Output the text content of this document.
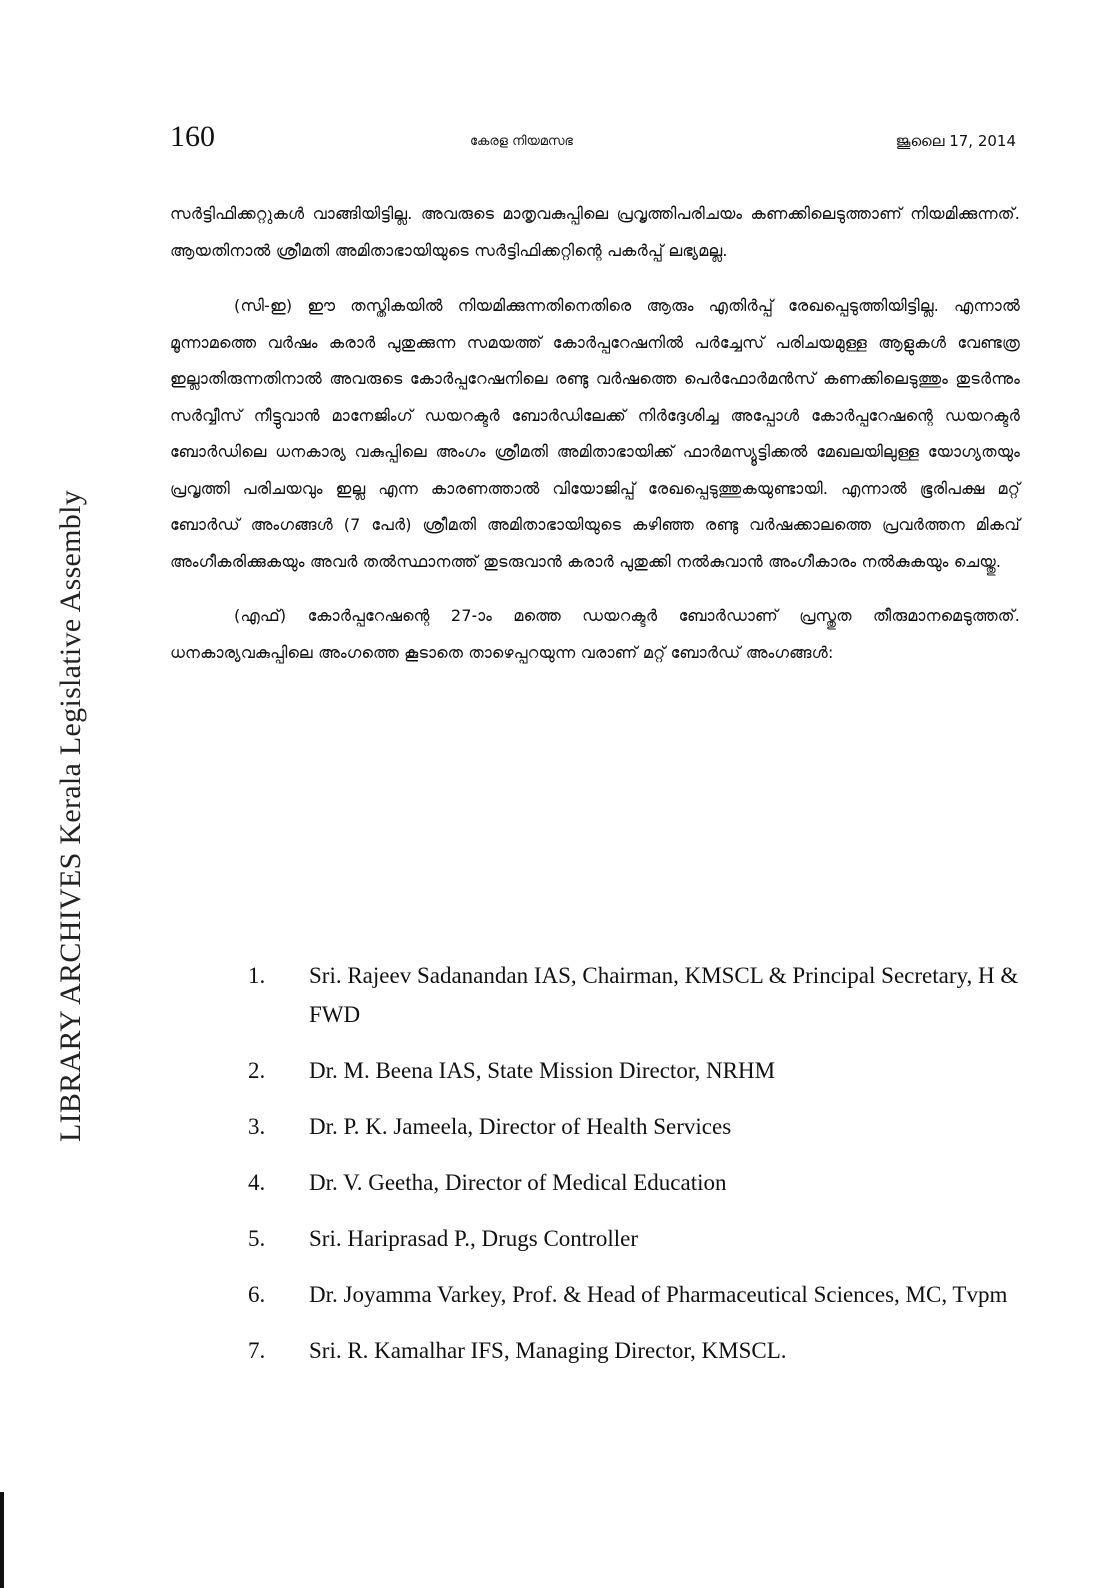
LIBRARY ARCHIVES Kerala Legislative Assembly
160	കേരള നിയമസഭ	ജൂലൈ 17, 2014

സർട്ടിഫിക്കറ്റുകൾ വാങ്ങിയിട്ടില്ല. അവരുടെ മാതൃവകുപ്പിലെ പ്രവൃത്തിപരിചയം കണക്കിലെടുത്താണ് നിയമിക്കുന്നത്. ആയതിനാൽ ശ്രീമതി അമിതാഭായിയുടെ സർട്ടിഫിക്കറ്റിന്റെ പകർപ്പ് ലഭ്യമല്ല.

(സി-ഇ) ഈ തസ്തികയിൽ നിയമിക്കുന്നതിനെതിരെ ആരും എതിർപ്പ് രേഖപ്പെടുത്തിയിട്ടില്ല. എന്നാൽ മൂന്നാമത്തെ വർഷം കരാർ പുതുക്കുന്ന സമയത്ത് കോർപ്പറേഷനിൽ പർച്ചേസ് പരിചയമുള്ള ആളുകൾ വേണ്ടത്ര ഇല്ലാതിരുന്നതിനാൽ അവരുടെ കോർപ്പറേഷനിലെ രണ്ടു വർഷത്തെ പെർഫോർമൻസ് കണക്കിലെടുത്തും തുടർന്നും സർവ്വീസ് നീട്ടുവാൻ മാനേജിംഗ് ഡയറക്ടർ ബോർഡിലേക്ക് നിർദ്ദേശിച്ച അപ്പോൾ കോർപ്പറേഷന്റെ ഡയറക്ടർ ബോർഡിലെ ധനകാര്യ വകുപ്പിലെ അംഗം ശ്രീമതി അമിതാഭായിക്ക് ഫാർമസ്യൂട്ടിക്കൽ മേഖലയിലുള്ള യോഗ്യതയും പ്രവൃത്തി പരിചയവും ഇല്ല എന്ന കാരണത്താൽ വിയോജിപ്പ് രേഖപ്പെടുത്തുകയുണ്ടായി. എന്നാൽ ഭൂരിപക്ഷ മറ്റ് ബോർഡ് അംഗങ്ങൾ (7 പേർ) ശ്രീമതി അമിതാഭായിയുടെ കഴിഞ്ഞ രണ്ടു വർഷക്കാലത്തെ പ്രവർത്തന മികവ് അംഗീകരിക്കുകയും അവർ തൽസ്ഥാനത്ത് തുടരുവാൻ കരാർ പുതുക്കി നൽകുവാൻ അംഗീകാരം നൽകുകയും ചെയ്തു.

(എഫ്) കോർപ്പറേഷന്റെ 27-ാം മത്തെ ഡയറക്ടർ ബോർഡാണ് പ്രസ്തുത തീരുമാനമെടുത്തത്. ധനകാര്യവകുപ്പിലെ അംഗത്തെ കൂടാതെ താഴെപ്പറയുന്ന വരാണ് മറ്റ് ബോർഡ് അംഗങ്ങൾ:

1.	Sri. Rajeev Sadanandan IAS, Chairman, KMSCL & Principal Secretary, H & FWD
2.	Dr. M. Beena IAS, State Mission Director, NRHM
3.	Dr. P. K. Jameela, Director of Health Services
4.	Dr. V. Geetha, Director of Medical Education
5.	Sri. Hariprasad P., Drugs Controller
6.	Dr. Joyamma Varkey, Prof. & Head of Pharmaceutical Sciences, MC, Tvpm
7.	Sri. R. Kamalhar IFS, Managing Director, KMSCL.
